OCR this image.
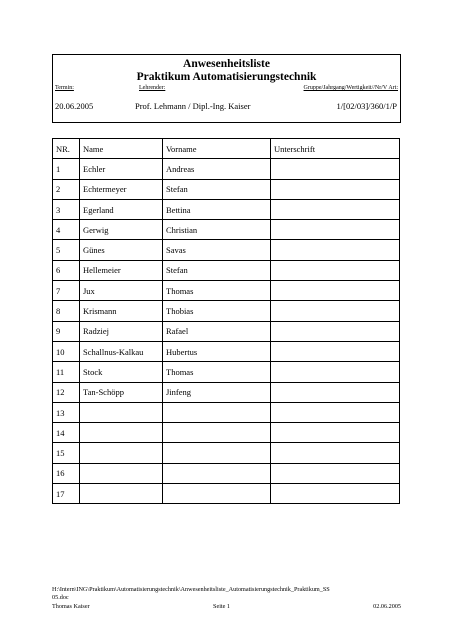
Anwesenheitsliste
Praktikum Automatisierungstechnik
Termin:	Lehrender:	Gruppe/Jahrgang/Wertigkeit//Nr/V Art:
20.06.2005	Prof. Lehmann / Dipl.-Ing. Kaiser	1/[02/03]/360/1/P
NR.	Name	Vorname	Unterschrift
1	Echler	Andreas	
2	Echtermeyer	Stefan	
3	Egerland	Bettina	
4	Gerwig	Christian	
5	Günes	Savas	
6	Hellemeier	Stefan	
7	Jux	Thomas	
8	Krismann	Thobias	
9	Radziej	Rafael	
10	Schallnus-Kalkau	Hubertus	
11	Stock	Thomas	
12	Tan-Schöpp	Jinfeng	
13			
14			
15			
16			
17			
H:\Intern\ING\Praktikum\Automatisierungstechnik\Anwesenheitsliste_Automatisierungstechnik_Praktikum_SS
05.doc
Thomas Kaiser	Seite 1	02.06.2005
